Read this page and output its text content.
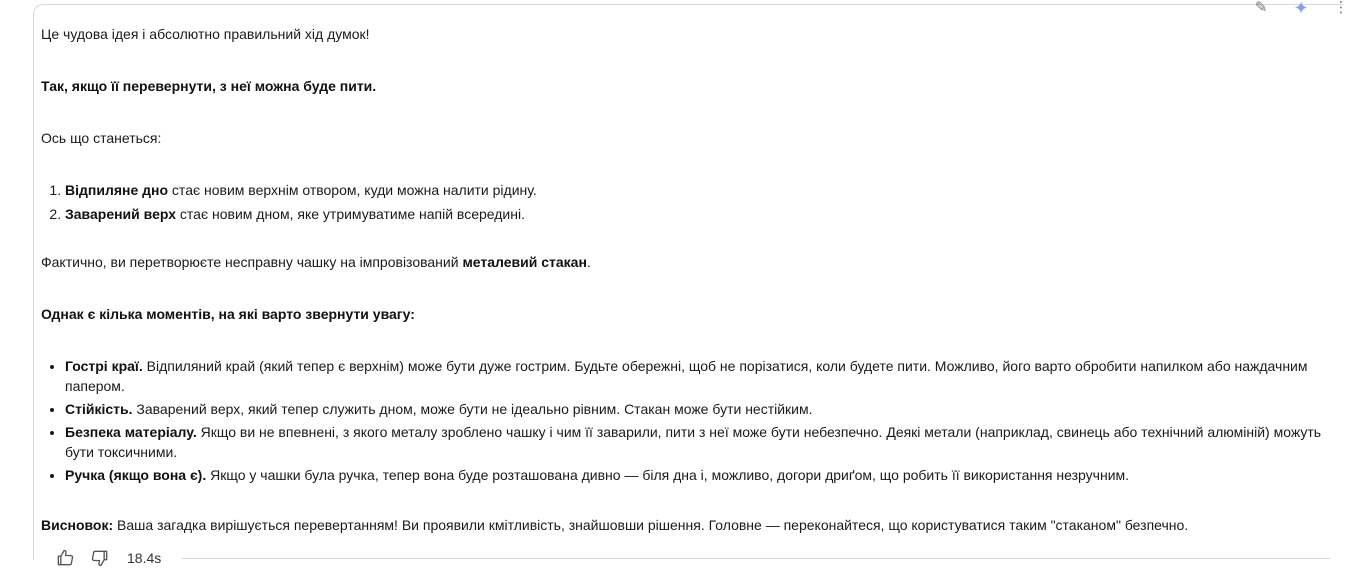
✎ ✦ ⋮

Це чудова ідея і абсолютно правильний хід думок!

Так, якщо її перевернути, з неї можна буде пити.

Ось що станеться:

1. Відпиляне дно стає новим верхнім отвором, куди можна налити рідину.
2. Заварений верх стає новим дном, яке утримуватиме напій всередині.

Фактично, ви перетворюєте несправну чашку на імпровізований металевий стакан.

Однак є кілька моментів, на які варто звернути увагу:

• Гострі краї. Відпиляний край (який тепер є верхнім) може бути дуже гострим. Будьте обережні, щоб не порізатися, коли будете пити. Можливо, його варто обробити напилком або наждачним папером.
• Стійкість. Заварений верх, який тепер служить дном, може бути не ідеально рівним. Стакан може бути нестійким.
• Безпека матеріалу. Якщо ви не впевнені, з якого металу зроблено чашку і чим її заварили, пити з неї може бути небезпечно. Деякі метали (наприклад, свинець або технічний алюміній) можуть бути токсичними.
• Ручка (якщо вона є). Якщо у чашки була ручка, тепер вона буде розташована дивно — біля дна і, можливо, догори дриґом, що робить її використання незручним.

Висновок: Ваша загадка вирішується перевертанням! Ви проявили кмітливість, знайшовши рішення. Головне — переконайтеся, що користуватися таким "стаканом" безпечно.

18.4s
